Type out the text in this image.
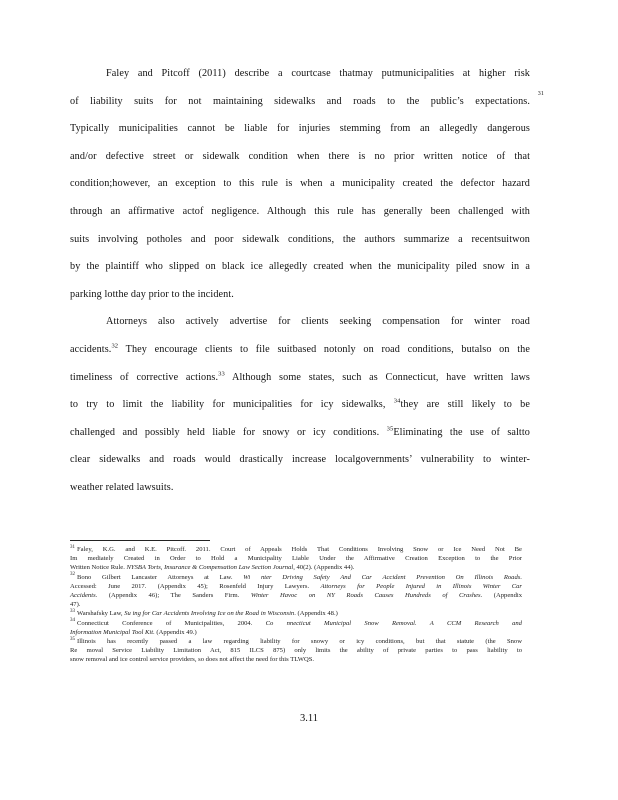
Faley and Pitcoff (2011) describe a courtcase thatmay putmunicipalities at higher risk
of liability suits for not maintaining sidewalks and roads to the public’s expectations.
31
Typically municipalities cannot be liable for injuries stemming from an allegedly dangerous
and/or defective street or sidewalk condition when there is no prior written notice of that
condition;however, an exception to this rule is when a municipality created the defector hazard
through an affirmative actof negligence. Although this rule has generally been challenged with
suits involving potholes and poor sidewalk conditions, the authors summarize a recentsuitwon
by the plaintiff who slipped on black ice allegedly created when the municipality piled snow in a
parking lotthe day prior to the incident.
Attorneys also actively advertise for clients seeking compensation for winter road
accidents.$^{32}$ They encourage clients to file suitbased notonly on road conditions, butalso on the
timeliness of corrective actions.$^{33}$ Although some states, such as Connecticut, have written laws
to try to limit the liability for municipalities for icy sidewalks, $^{34}$they are still likely to be
challenged and possibly held liable for snowy or icy conditions. $^{35}$Eliminating the use of saltto
clear sidewalks and roads would drastically increase localgovernments’ vulnerability to winter-
weather related lawsuits.
$^{31}$ Faley, K.G. and K.E. Pitcoff. 2011. Court of Appeals Holds That Conditions Involving Snow or Ice Need Not Be
Im mediately Created in Order to Hold a Municipality Liable Under the Affirmative Creation Exception to the Prior
Written Notice Rule. NYSBA Torts, Insurance & Compensation Law Section Journal, 40(2). (Appendix 44).
$^{32}$ Bono Gilbert Lancaster Attorneys at Law. Wi nter Driving Safety And Car Accident Prevention On Illinois Roads.
Accessed: June 2017. (Appendix 45); Rosenfeld Injury Lawyers. Attorneys for People Injured in Illinois Winter Car
Accidents. (Appendix 46); The Sanders Firm. Winter Havoc on NY Roads Causes Hundreds of Crashes. (Appendix
47).
$^{33}$ Warshafsky Law, Su ing for Car Accidents Involving Ice on the Road in Wisconsin. (Appendix 48.)
$^{34}$ Connecticut Conference of Municipalities, 2004. Co nnecticut Municipal Snow Removal. A CCM Research and
Information Municipal Tool Kit. (Appendix 49.)
$^{35}$ Illinois has recently passed a law regarding liability for snowy or icy conditions, but that statute (the Snow
Re moval Service Liability Limitation Act, 815 ILCS 875) only limits the ability of private parties to pass liability to
snow removal and ice control service providers, so does not affect the need for this TLWQS.
3.11
